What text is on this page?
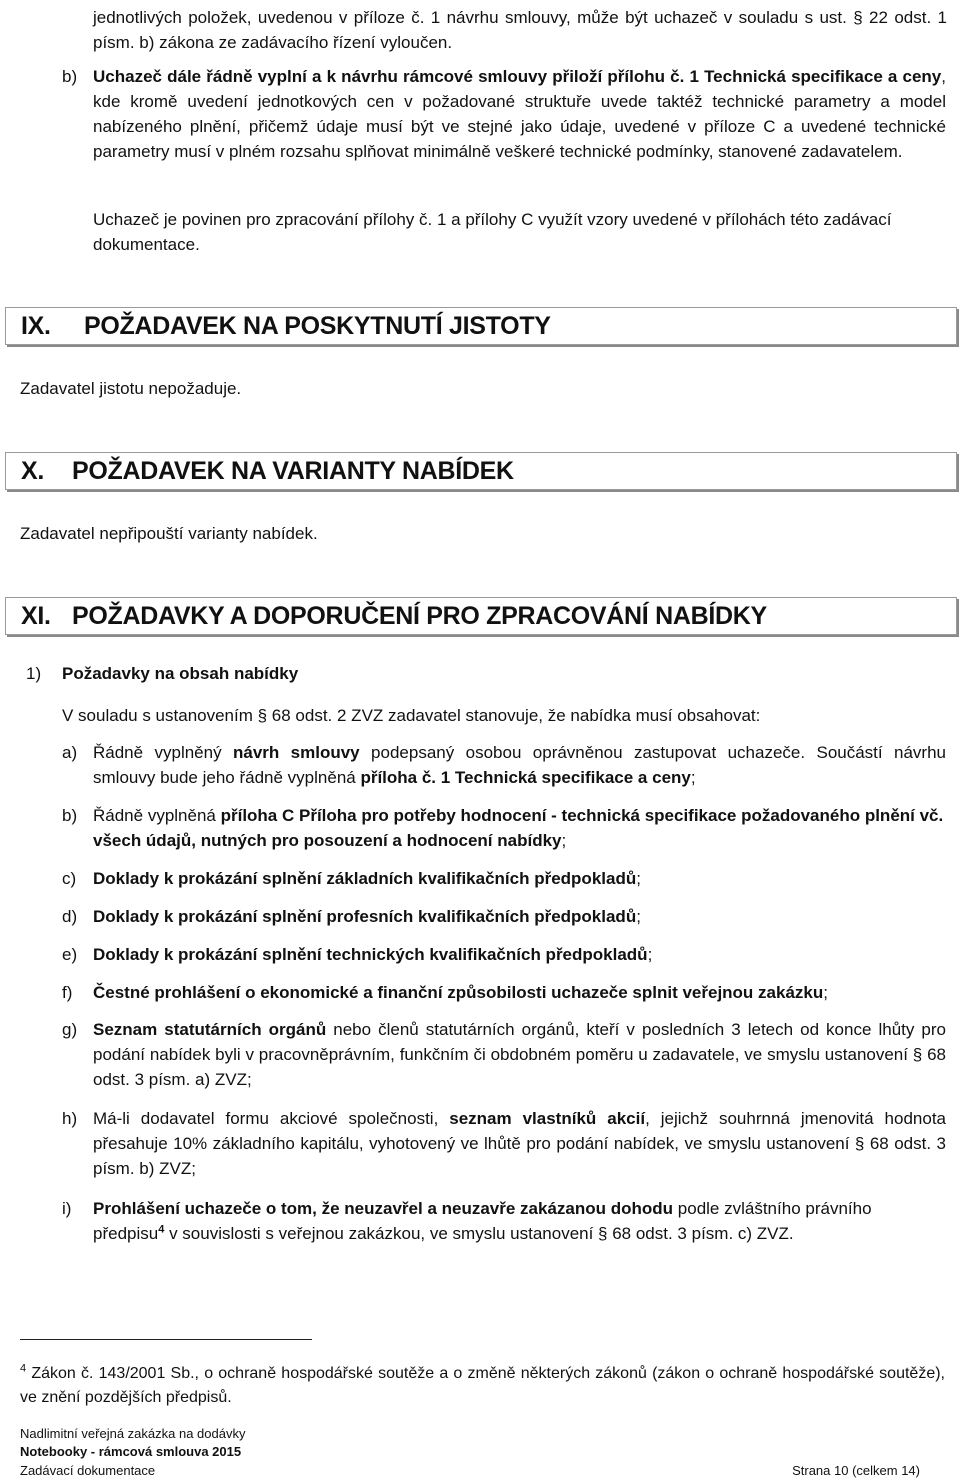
jednotlivých položek, uvedenou v příloze č. 1 návrhu smlouvy, může být uchazeč v souladu s ust. § 22 odst. 1 písm. b) zákona ze zadávacího řízení vyloučen.
b) Uchazeč dále řádně vyplní a k návrhu rámcové smlouvy přiloží přílohu č. 1 Technická specifikace a ceny, kde kromě uvedení jednotkových cen v požadované struktuře uvede taktéž technické parametry a model nabízeného plnění, přičemž údaje musí být ve stejné jako údaje, uvedené v příloze C a uvedené technické parametry musí v plném rozsahu splňovat minimálně veškeré technické podmínky, stanovené zadavatelem.
Uchazeč je povinen pro zpracování přílohy č. 1 a přílohy C využít vzory uvedené v přílohách této zadávací dokumentace.
IX. POŽADAVEK NA POSKYTNUTÍ JISTOTY
Zadavatel jistotu nepožaduje.
X. POŽADAVEK NA VARIANTY NABÍDEK
Zadavatel nepřipouští varianty nabídek.
XI. POŽADAVKY A DOPORUČENÍ PRO ZPRACOVÁNÍ NABÍDKY
1) Požadavky na obsah nabídky
V souladu s ustanovením § 68 odst. 2 ZVZ zadavatel stanovuje, že nabídka musí obsahovat:
a) Řádně vyplněný návrh smlouvy podepsaný osobou oprávněnou zastupovat uchazeče. Součástí návrhu smlouvy bude jeho řádně vyplněná příloha č. 1 Technická specifikace a ceny;
b) Řádně vyplněná příloha C Příloha pro potřeby hodnocení - technická specifikace požadovaného plnění vč. všech údajů, nutných pro posouzení a hodnocení nabídky;
c) Doklady k prokázání splnění základních kvalifikačních předpokladů;
d) Doklady k prokázání splnění profesních kvalifikačních předpokladů;
e) Doklady k prokázání splnění technických kvalifikačních předpokladů;
f) Čestné prohlášení o ekonomické a finanční způsobilosti uchazeče splnit veřejnou zakázku;
g) Seznam statutárních orgánů nebo členů statutárních orgánů, kteří v posledních 3 letech od konce lhůty pro podání nabídek byli v pracovněprávním, funkčním či obdobném poměru u zadavatele, ve smyslu ustanovení § 68 odst. 3 písm. a) ZVZ;
h) Má-li dodavatel formu akciové společnosti, seznam vlastníků akcií, jejichž souhrnná jmenovitá hodnota přesahuje 10% základního kapitálu, vyhotovený ve lhůtě pro podání nabídek, ve smyslu ustanovení § 68 odst. 3 písm. b) ZVZ;
i) Prohlášení uchazeče o tom, že neuzavřel a neuzavře zakázanou dohodu podle zvláštního právního předpisu$^4$ v souvislosti s veřejnou zakázkou, ve smyslu ustanovení § 68 odst. 3 písm. c) ZVZ.
$^4$ Zákon č. 143/2001 Sb., o ochraně hospodářské soutěže a o změně některých zákonů (zákon o ochraně hospodářské soutěže), ve znění pozdějších předpisů.
Nadlimitní veřejná zakázka na dodávky
Notebooky - rámcová smlouva 2015
Zadávací dokumentace	Strana 10 (celkem 14)
